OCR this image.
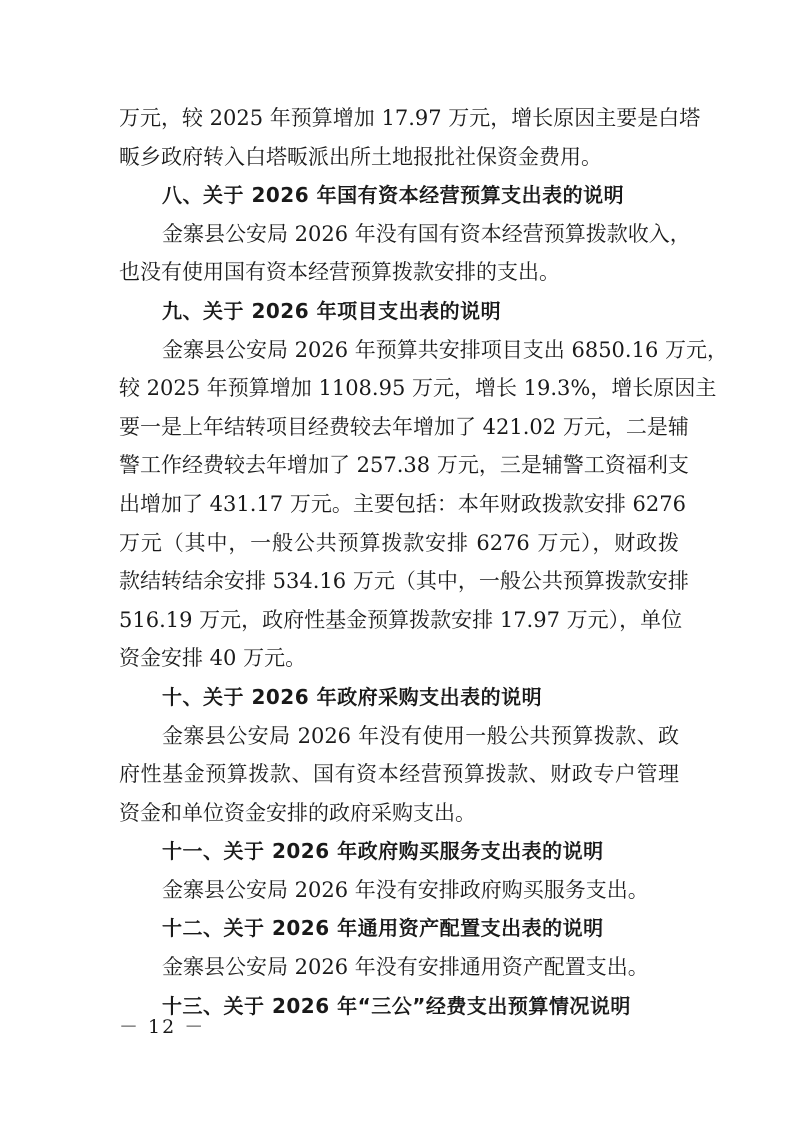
万元，较 2025 年预算增加 17.97 万元，增长原因主要是白塔
畈乡政府转入白塔畈派出所土地报批社保资金费用。
八、关于 2026 年国有资本经营预算支出表的说明
金寨县公安局 2026 年没有国有资本经营预算拨款收入，
也没有使用国有资本经营预算拨款安排的支出。
九、关于 2026 年项目支出表的说明
金寨县公安局 2026 年预算共安排项目支出 6850.16 万元，
较 2025 年预算增加 1108.95 万元，增长 19.3%，增长原因主
要一是上年结转项目经费较去年增加了 421.02 万元，二是辅
警工作经费较去年增加了 257.38 万元，三是辅警工资福利支
出增加了 431.17 万元。主要包括：本年财政拨款安排 6276
万元（其中，一般公共预算拨款安排 6276 万元），财政拨
款结转结余安排 534.16 万元（其中，一般公共预算拨款安排
516.19 万元，政府性基金预算拨款安排 17.97 万元），单位
资金安排 40 万元。
十、关于 2026 年政府采购支出表的说明
金寨县公安局 2026 年没有使用一般公共预算拨款、政
府性基金预算拨款、国有资本经营预算拨款、财政专户管理
资金和单位资金安排的政府采购支出。
十一、关于 2026 年政府购买服务支出表的说明
金寨县公安局 2026 年没有安排政府购买服务支出。
十二、关于 2026 年通用资产配置支出表的说明
金寨县公安局 2026 年没有安排通用资产配置支出。
十三、关于 2026 年“三公”经费支出预算情况说明
－ 12 －
